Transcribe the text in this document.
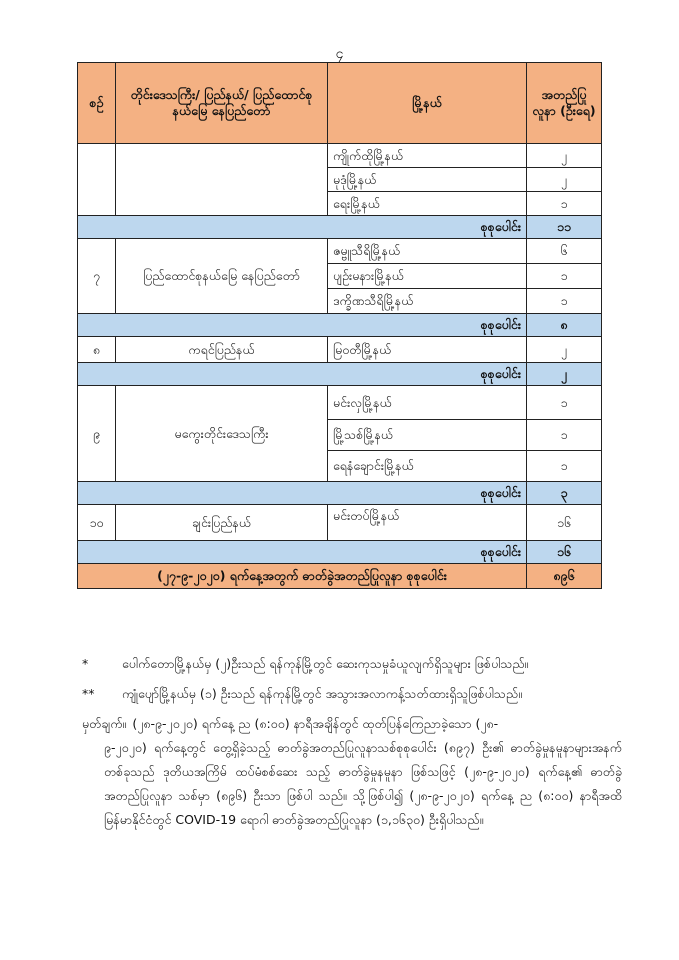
၄
စဉ်	တိုင်းဒေသကြီး/ ပြည်နယ်/ ပြည်ထောင်စုနယ်မြေ နေပြည်တော်	မြို့နယ်	အတည်ပြု လူနာ (ဦးရေ)
		ကျိုက်ထိုမြို့နယ်	၂
		မုဒုံမြို့နယ်	၂
		ရေးမြို့နယ်	၁
စုစုပေါင်း			၁၁
၇	ပြည်ထောင်စုနယ်မြေ နေပြည်တော်	ဇမ္ဗူသီရိမြို့နယ်	၆
		ပျဉ်းမနားမြို့နယ်	၁
		ဒက္ခိဏသီရိမြို့နယ်	၁
စုစုပေါင်း			၈
၈	ကရင်ပြည်နယ်	မြဝတီမြို့နယ်	၂
စုစုပေါင်း			၂
၉	မကွေးတိုင်းဒေသကြီး	မင်းလှမြို့နယ်	၁
		မြို့သစ်မြို့နယ်	၁
		ရေနံချောင်းမြို့နယ်	၁
စုစုပေါင်း			၃
၁၀	ချင်းပြည်နယ်	မင်းတပ်မြို့နယ်	၁၆
စုစုပေါင်း			၁၆
(၂၇-၉-၂၀၂၀) ရက်နေ့အတွက် ဓာတ်ခွဲအတည်ပြုလူနာ စုစုပေါင်း			၈၉၆
*	ပေါက်တောမြို့နယ်မှ (၂)ဦးသည် ရန်ကုန်မြို့တွင် ဆေးကုသမှုခံယူလျက်ရှိသူများ ဖြစ်ပါသည်။
**	ကျုံပျော်မြို့နယ်မှ (၁) ဦးသည် ရန်ကုန်မြို့တွင် အသွားအလာကန့်သတ်ထားရှိသူဖြစ်ပါသည်။
မှတ်ချက်။ (၂၈-၉-၂၀၂၀) ရက်နေ့ ည (၈:၀၀) နာရီအချိန်တွင် ထုတ်ပြန်ကြေညာခဲ့သော (၂၈-
၉-၂၀၂၀) ရက်နေ့တွင် တွေ့ရှိခဲ့သည့် ဓာတ်ခွဲအတည်ပြုလူနာသစ်စုစုပေါင်း (၈၉၇) ဦး၏ ဓာတ်ခွဲမှုနမူနာများအနက် တစ်ခုသည် ဒုတိယအကြိမ် ထပ်မံစစ်ဆေး သည့် ဓာတ်ခွဲမှုနမူနာ ဖြစ်သဖြင့် (၂၈-၉-၂၀၂၀) ရက်နေ့၏ ဓာတ်ခွဲအတည်ပြုလူနာ သစ်မှာ (၈၉၆) ဦးသာ ဖြစ်ပါ သည်။ သို့ဖြစ်ပါ၍ (၂၈-၉-၂၀၂၀) ရက်နေ့ ည (၈:၀၀) နာရီအထိ မြန်မာနိုင်ငံတွင် COVID-19 ရောဂါ ဓာတ်ခွဲအတည်ပြုလူနာ (၁,၁၆၃၀) ဦးရှိပါသည်။
